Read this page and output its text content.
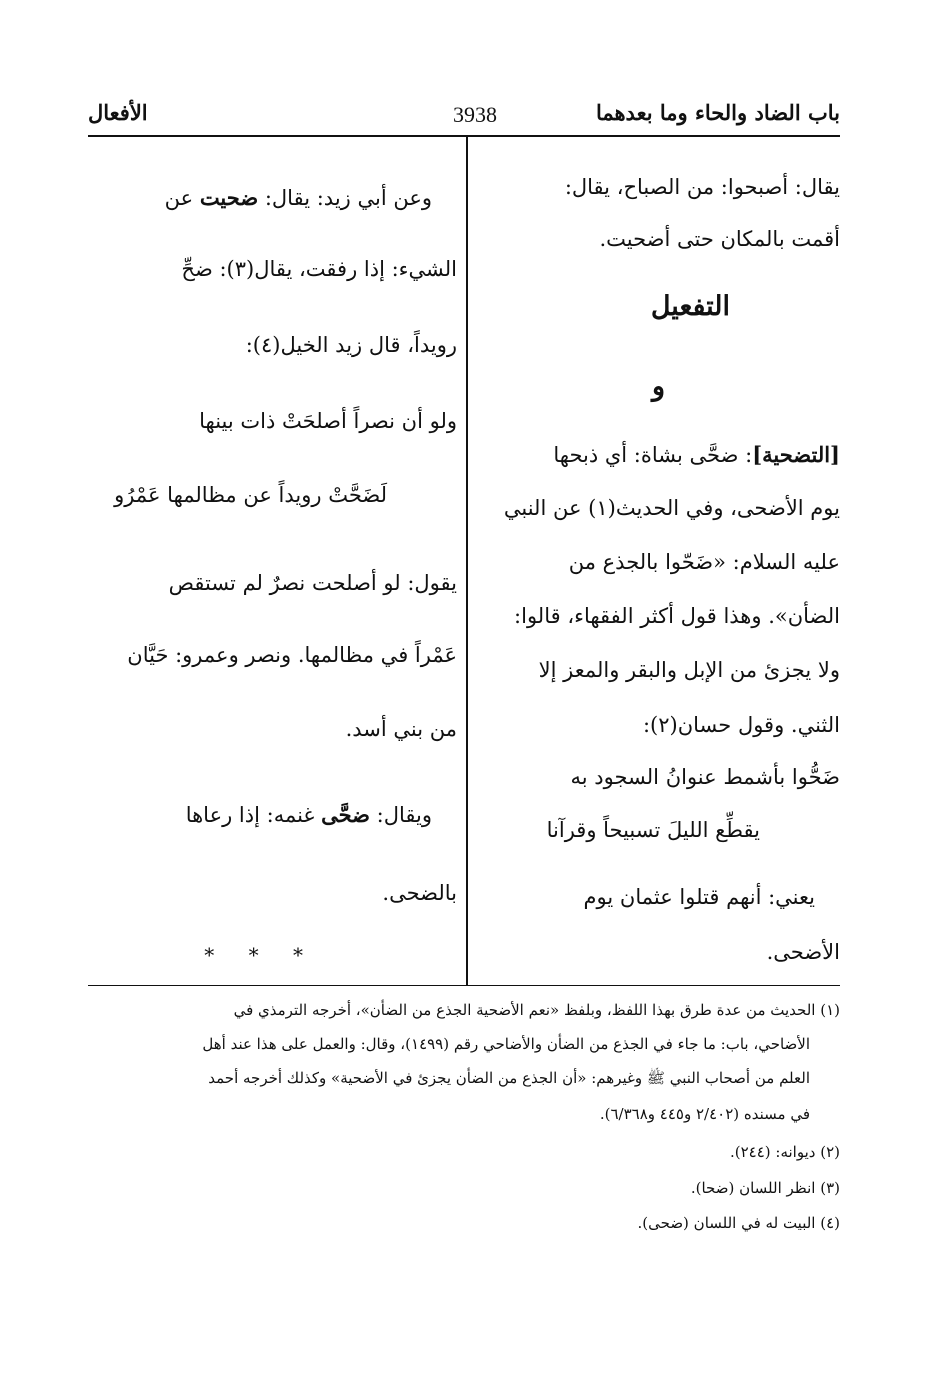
باب الضاد والحاء وما بعدهما
3938
الأفعال
يقال: أصبحوا: من الصباح، يقال:
أقمت بالمكان حتى أضحيت.
التفعيل
و
[التضحية]: ضحَّى بشاة: أي ذبحها
يوم الأضحى، وفي الحديث(١) عن النبي
عليه السلام: «ضَحّوا بالجذع من
الضأن». وهذا قول أكثر الفقهاء، قالوا:
ولا يجزئ من الإبل والبقر والمعز إلا
الثني. وقول حسان(٢):
ضَحُّوا بأشمط عنوانُ السجود به
يقطِّع الليلَ تسبيحاً وقرآنا
يعني: أنهم قتلوا عثمان يوم
الأضحى.
وعن أبي زيد: يقال: ضحيت عن
الشيء: إذا رفقت، يقال(٣): ضحِّ
رويداً، قال زيد الخيل(٤):
ولو أن نصراً أصلحَتْ ذات بينها
لَضَحَّتْ رويداً عن مظالمها عَمْرُو
يقول: لو أصلحت نصرٌ لم تستقص
عَمْراً في مظالمها. ونصر وعمرو: حَيَّان
من بني أسد.
ويقال: ضحَّى غنمه: إذا رعاها
بالضحى.
* * *
(١) الحديث من عدة طرق بهذا اللفظ، وبلفظ «نعم الأضحية الجذع من الضأن»، أخرجه الترمذي في
الأضاحي، باب: ما جاء في الجذع من الضأن والأضاحي رقم (١٤٩٩)، وقال: والعمل على هذا عند أهل
العلم من أصحاب النبي ﷺ وغيرهم: «أن الجذع من الضأن يجزئ في الأضحية» وكذلك أخرجه أحمد
في مسنده (٢/٤٠٢ و٤٤٥ و٦/٣٦٨).
(٢) ديوانه: (٢٤٤).
(٣) انظر اللسان (ضحا).
(٤) البيت له في اللسان (ضحى).
